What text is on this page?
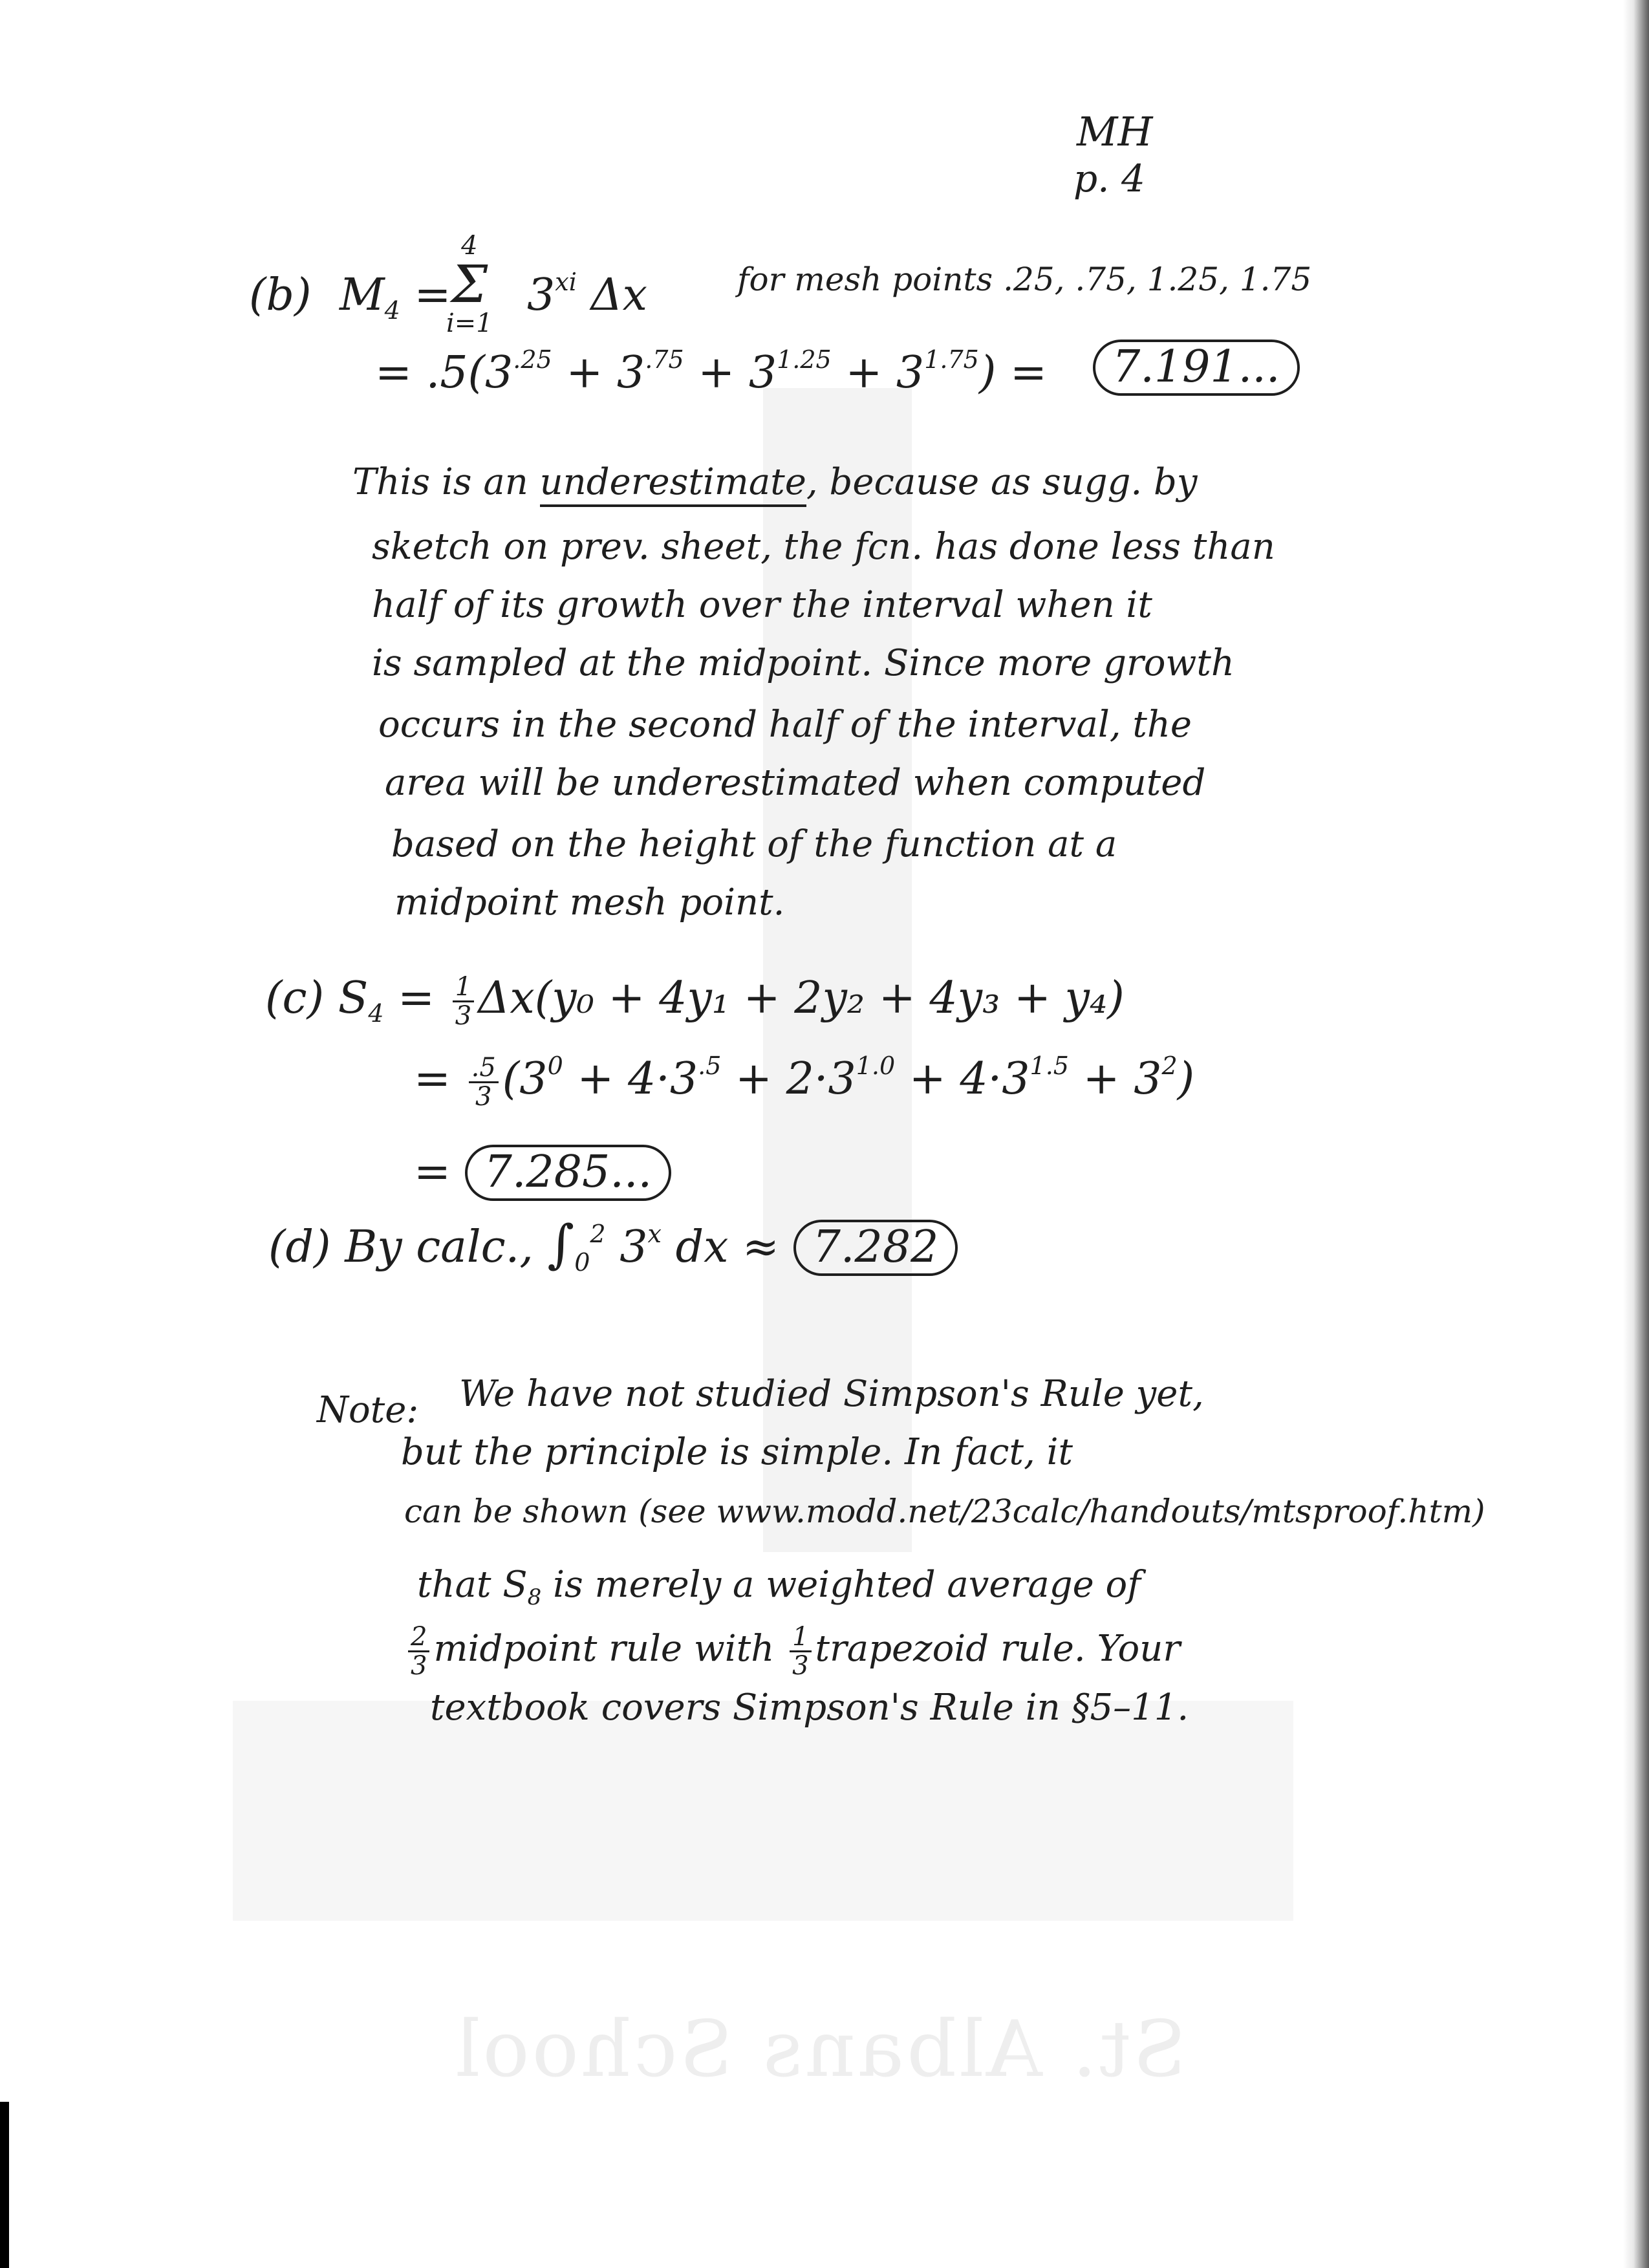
St. Albans School
MH
p. 4
(b) $M_4$ =
4
Σ
i=1
3$^{xi}$ Δx	for mesh points .25, .75, 1.25, 1.75
= $.5(3^{.25} + 3^{.75} + 3^{1.25} + 3^{1.75})$ =	7.191...
This is an underestimate, because as sugg. by
sketch on prev. sheet, the fcn. has done less than
half of its growth over the interval when it
is sampled at the midpoint. Since more growth
occurs in the second half of the interval, the
area will be underestimated when computed
based on the height of the function at a
midpoint mesh point.
(c) $S_4 = \frac{1}{3} \Delta x(y_0 + 4y_1 + 2y_2 + 4y_3 + y_4)$
= $\frac{.5}{3} (3^0 + 4\cdot 3^{.5} + 2\cdot 3^{1.0} + 4\cdot 3^{1.5} + 3^2)$
= 7.285...
(d) By calc., $\int_0^2$ 3$^x$ dx ≈ 7.282
Note: We have not studied Simpson's Rule yet,
but the principle is simple. In fact, it
can be shown (see www.modd.net/23calc/handouts/mtsproof.htm)
that $S_8$ is merely a weighted average of
$\frac{2}{3}$ midpoint rule with $\frac{1}{3}$ trapezoid rule. Your
textbook covers Simpson's Rule in §5–11.
